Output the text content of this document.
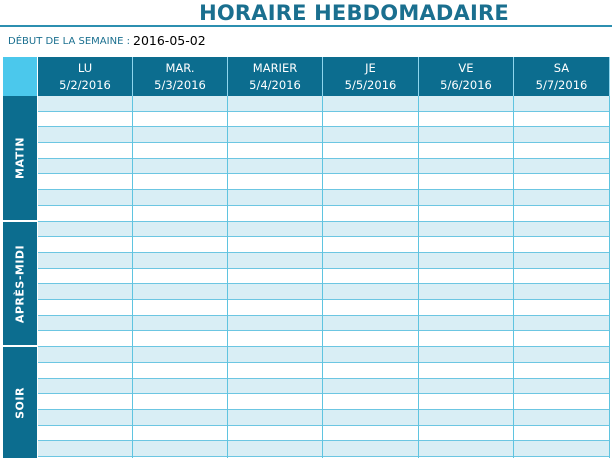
HORAIRE HEBDOMADAIRE
DÉBUT DE LA SEMAINE : 2016-05-02
LU
5/2/2016
MAR.
5/3/2016
MARIER
5/4/2016
JE
5/5/2016
VE
5/6/2016
SA
5/7/2016
MATIN
APRÈS-MIDI
SOIR
